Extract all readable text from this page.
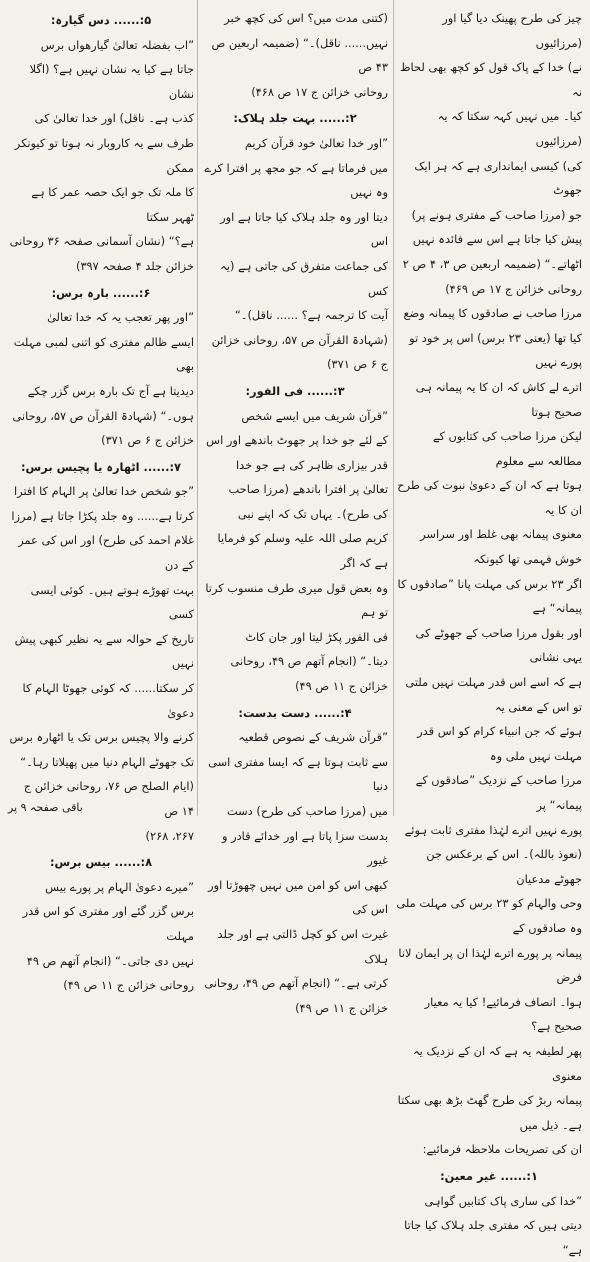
چیز کی طرح پھینک دیا گیا اور (مرزائیوں

نے) خدا کے پاک قول کو کچھ بھی لحاظ نہ

کیا۔ میں نہیں کہہ سکتا کہ یہ (مرزائیوں

کی) کیسی ایمانداری ہے کہ ہر ایک جھوٹ

جو (مرزا صاحب کے مفتری ہونے پر)

پیش کیا جاتا ہے اس سے فائدہ نہیں

اٹھاتے۔“ (ضمیمہ اربعین ص ۳، ۴ ص ۲

روحانی خزائن ج ۱۷ ص ۴۶۹)

مرزا صاحب نے صادقوں کا پیمانہ وضع

کیا تھا (یعنی ۲۳ برس) اس پر خود تو پورے نہیں

اترے لے کاش کہ ان کا یہ پیمانہ ہی صحیح ہوتا

لیکن مرزا صاحب کی کتابوں کے مطالعہ سے معلوم

ہوتا ہے کہ ان کے دعویٰ نبوت کی طرح ان کا یہ

معنوی پیمانہ بھی غلط اور سراسر خوش فہمی تھا کیونکہ

اگر ۲۳ برس کی مہلت پانا ”صادقوں کا پیمانہ“ ہے

اور بقول مرزا صاحب کے جھوٹے کی یہی نشانی

ہے کہ اسے اس قدر مہلت نہیں ملتی تو اس کے معنی یہ

ہوئے کہ جن انبیاء کرام کو اس قدر مہلت نہیں ملی وہ

مرزا صاحب کے نزدیک ”صادقوں کے پیمانہ“ پر

پورے نہیں اترے لہٰذا مفتری ثابت ہوئے

(نعوذ باللہ)۔ اس کے برعکس جن جھوٹے مدعیان

وحی والہام کو ۲۳ برس کی مہلت ملی وہ صادقوں کے

پیمانہ پر پورے اترے لہٰذا ان پر ایمان لانا فرض

ہوا۔ انصاف فرمائیے! کیا یہ معیار صحیح ہے؟

پھر لطیفہ یہ ہے کہ ان کے نزدیک یہ معنوی

پیمانہ ربڑ کی طرح گھٹ بڑھ بھی سکتا ہے۔ ذیل میں

ان کی تصریحات ملاحظہ فرمائیے:

۱:...... غیر معین:

”خدا کی ساری پاک کتابیں گواہی

دیتی ہیں کہ مفتری جلد ہلاک کیا جاتا ہے“

(کتنی مدت میں؟ اس کی کچھ خبر

نہیں...... ناقل)۔“ (ضمیمہ اربعین ص ۴۳ ص

روحانی خزائن ج ۱۷ ص ۴۶۸)

۲:...... بہت جلد ہلاک:

”اور خدا تعالیٰ خود قرآن کریم

میں فرماتا ہے کہ جو مجھ پر افترا کرے وہ نہیں

دیتا اور وہ جلد ہلاک کیا جاتا ہے اور اس

کی جماعت متفرق کی جاتی ہے (یہ کس

آیت کا ترجمہ ہے؟ ...... ناقل)۔“

(شہادۃ القرآن ص ۵۷، روحانی خزائن

ج ۶ ص ۳۷۱)

۳:...... فی الفور:

”قرآن شریف میں ایسے شخص

کے لئے جو خدا پر جھوٹ باندھے اور اس قدر بیزاری ظاہر کی ہے جو خدا

تعالیٰ پر افترا باندھے (مرزا صاحب

کی طرح)۔ یہاں تک کہ اپنے نبی

کریم صلی اللہ علیہ وسلم کو فرمایا ہے کہ اگر

وہ بعض قول میری طرف منسوب کرتا تو ہم

فی الفور پکڑ لیتا اور جان کاٹ

دیتا۔“ (انجام آتھم ص ۴۹، روحانی

خزائن ج ۱۱ ص ۴۹)

۴:...... دست بدست:

”قرآن شریف کے نصوص قطعیہ

سے ثابت ہوتا ہے کہ ایسا مفتری اسی دنیا

میں (مرزا صاحب کی طرح) دست

بدست سزا پاتا ہے اور خدائے قادر و غیور

کبھی اس کو امن میں نہیں چھوڑتا اور اس کی

غیرت اس کو کچل ڈالتی ہے اور جلد ہلاک

کرتی ہے۔“ (انجام آتھم ص ۴۹، روحانی

خزائن ج ۱۱ ص ۴۹)

۵:...... دس گیارہ:

”اب بفضلہ تعالیٰ گیارھواں برس

جاتا ہے کیا یہ نشان نہیں ہے؟ (اگلا نشان

کذب ہے۔ ناقل) اور خدا تعالیٰ کی

طرف سے یہ کاروبار نہ ہوتا تو کیونکر ممکن

کا ملہ تک جو ایک حصہ عمر کا ہے ٹھہر سکتا

ہے؟“ (نشان آسمانی صفحہ ۳۶ روحانی

خزائن جلد ۴ صفحہ ۳۹۷)

۶:...... بارہ برس:

”اور پھر تعجب یہ کہ خدا تعالیٰ

ایسے ظالم مفتری کو اتنی لمبی مہلت بھی

دیدیتا ہے آج تک بارہ برس گزر چکے

ہوں۔“ (شہادۃ القرآن ص ۵۷، روحانی

خزائن ج ۶ ص ۳۷۱)

۷:...... اٹھارہ یا پچیس برس:

”جو شخص خدا تعالیٰ پر الہام کا افترا

کرتا ہے...... وہ جلد پکڑا جاتا ہے (مرزا

غلام احمد کی طرح) اور اس کی عمر کے دن

بہت تھوڑے ہوتے ہیں۔ کوئی ایسی کسی

تاریخ کے حوالہ سے یہ نظیر کبھی پیش نہیں

کر سکتا...... کہ کوئی جھوٹا الہام کا دعویٰ

کرنے والا پچیس برس تک یا اٹھارہ برس

تک جھوٹے الہام دنیا میں پھیلاتا رہا۔“

(ایام الصلح ص ۷۶، روحانی خزائن ج ۱۴ ص

۲۶۷، ۲۶۸)

۸:...... بیس برس:

”میرے دعویٰ الہام پر پورے بیس

برس گزر گئے اور مفتری کو اس قدر مہلت

نہیں دی جاتی۔“ (انجام آتھم ص ۴۹

روحانی خزائن ج ۱۱ ص ۴۹)

باقی صفحہ ۹ پر
